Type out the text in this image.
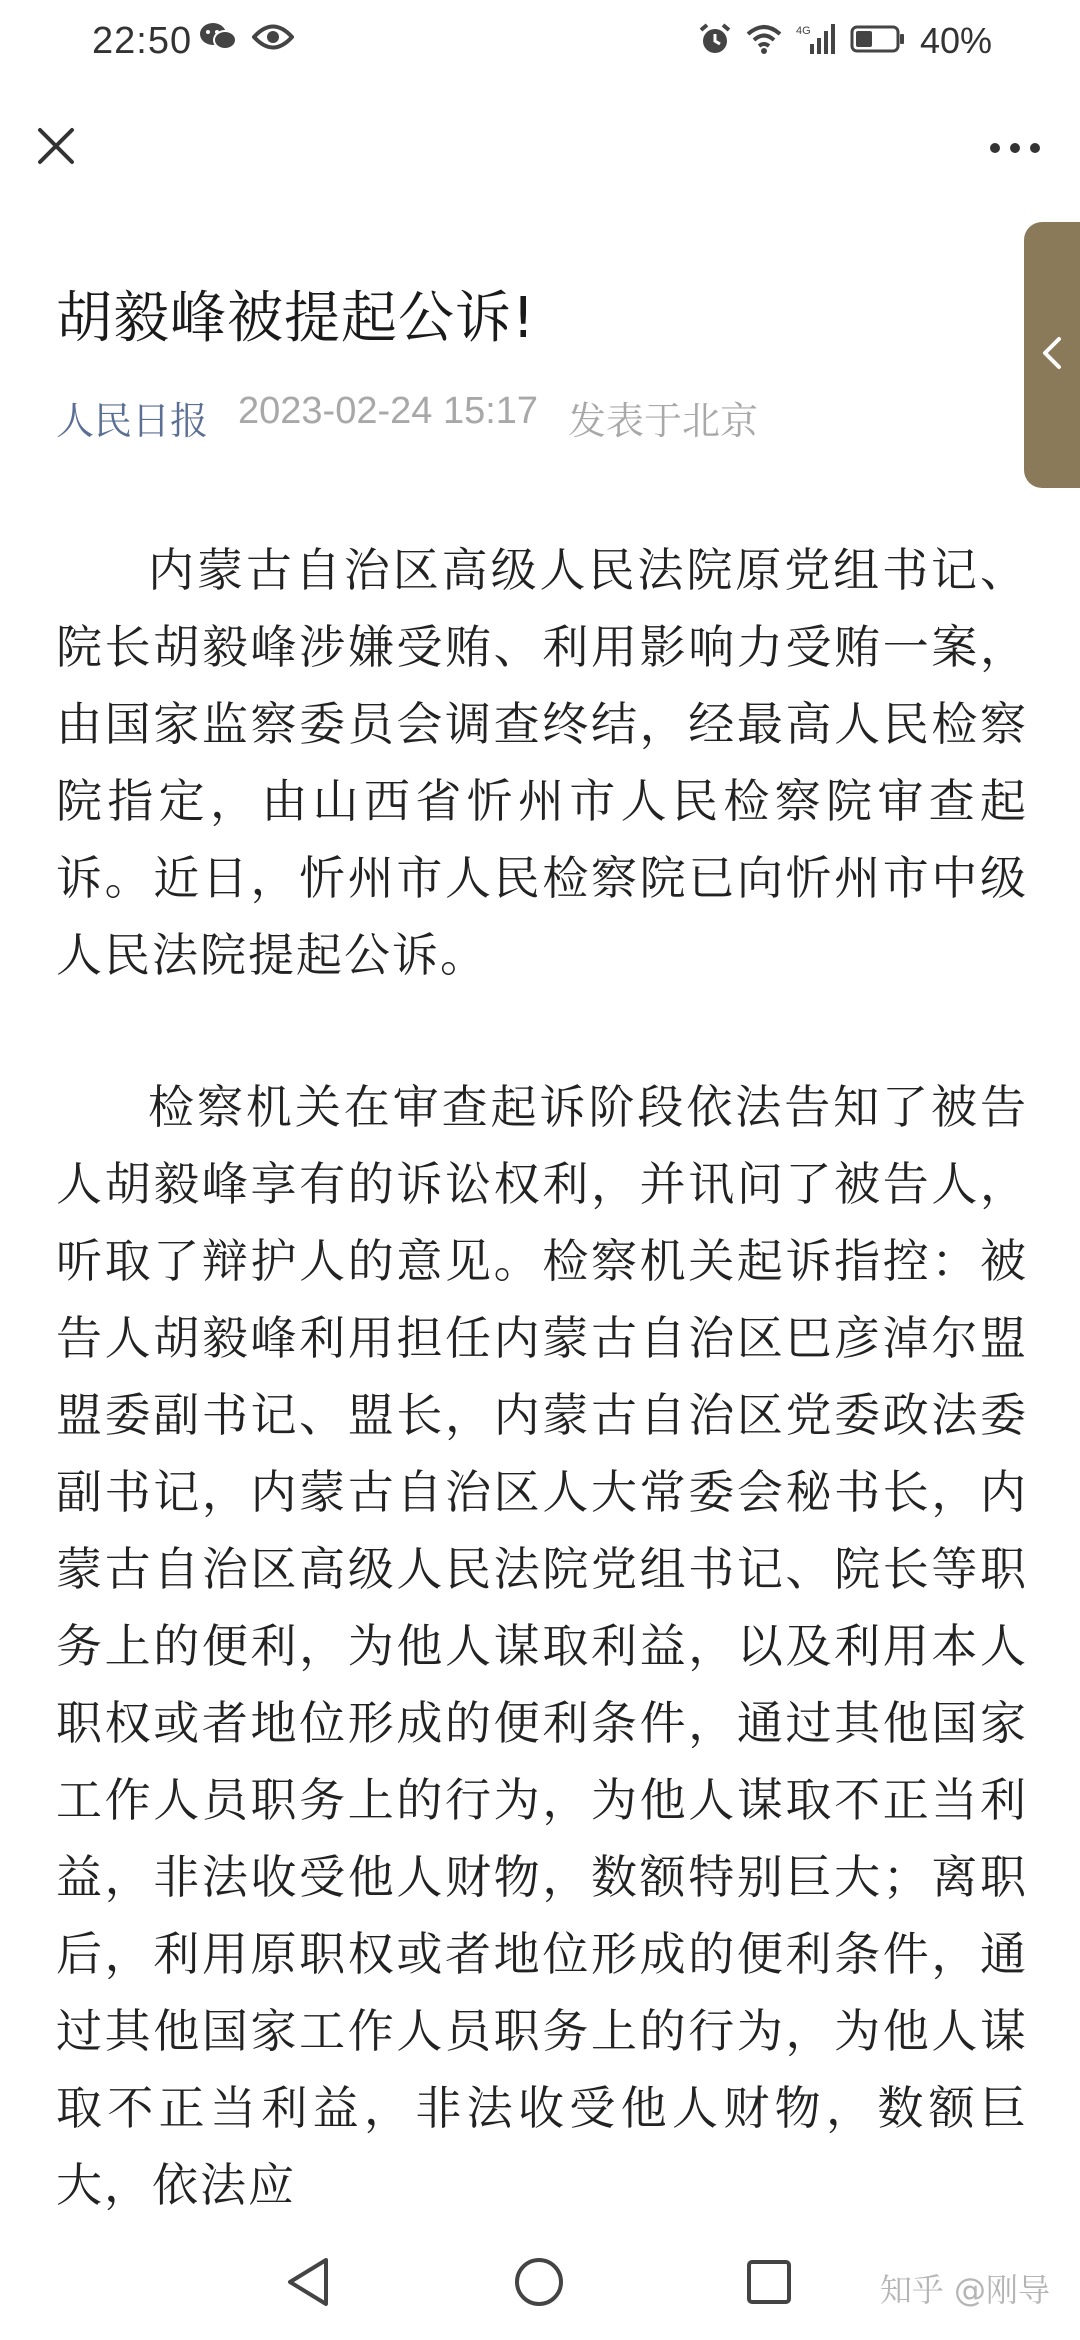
22:50	4G	40%
胡毅峰被提起公诉!
人民日报 2023-02-24 15:17 发表于北京

内蒙古自治区高级人民法院原党组书记、院长胡毅峰涉嫌受贿、利用影响力受贿一案，由国家监察委员会调查终结，经最高人民检察院指定，由山西省忻州市人民检察院审查起诉。近日，忻州市人民检察院已向忻州市中级人民法院提起公诉。

检察机关在审查起诉阶段依法告知了被告人胡毅峰享有的诉讼权利，并讯问了被告人，听取了辩护人的意见。检察机关起诉指控：被告人胡毅峰利用担任内蒙古自治区巴彦淖尔盟盟委副书记、盟长，内蒙古自治区党委政法委副书记，内蒙古自治区人大常委会秘书长，内蒙古自治区高级人民法院党组书记、院长等职务上的便利，为他人谋取利益，以及利用本人职权或者地位形成的便利条件，通过其他国家工作人员职务上的行为，为他人谋取不正当利益，非法收受他人财物，数额特别巨大；离职后，利用原职权或者地位形成的便利条件，通过其他国家工作人员职务上的行为，为他人谋取不正当利益，非法收受他人财物，数额巨大，依法应

知乎 @刚导
